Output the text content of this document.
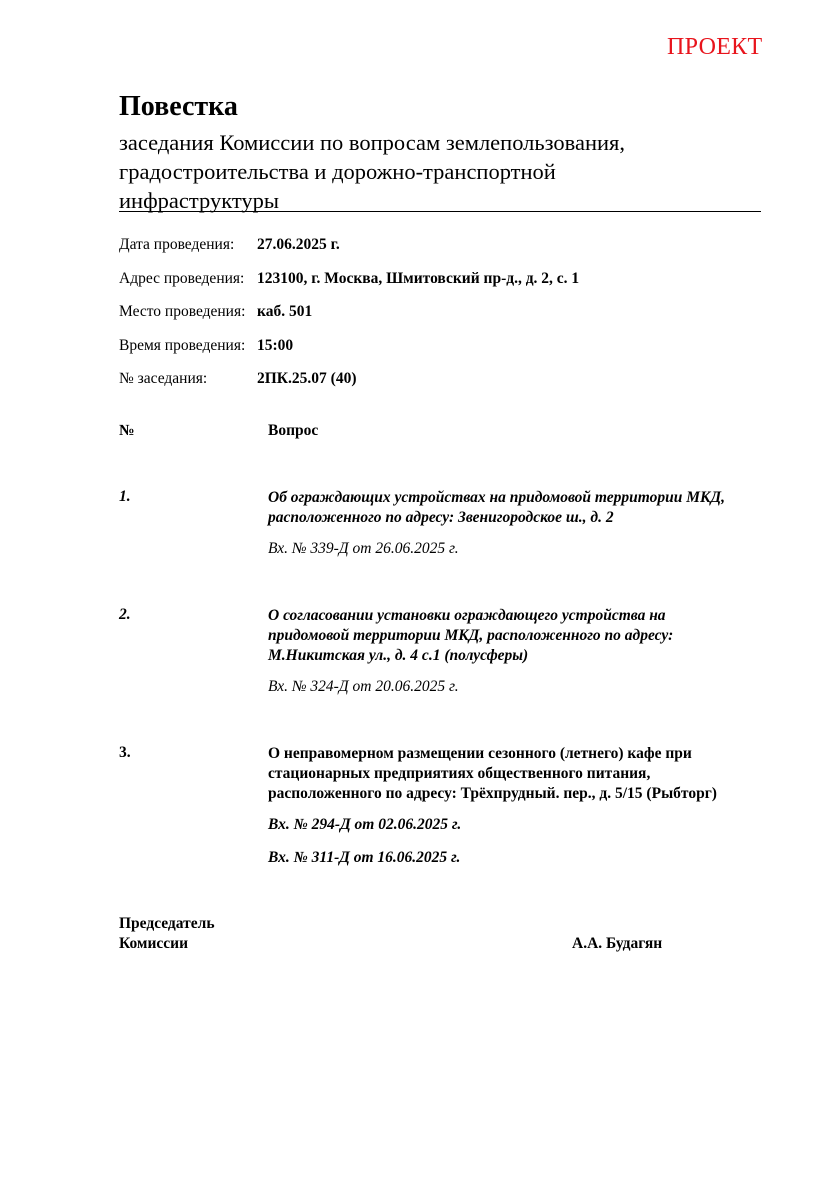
ПРОЕКТ
Повестка
заседания Комиссии по вопросам землепользования,
градостроительства и дорожно-транспортной
инфраструктуры
Дата проведения: 27.06.2025 г.
Адрес проведения: 123100, г. Москва, Шмитовский пр-д., д. 2, с. 1
Место проведения: каб. 501
Время проведения: 15:00
№ заседания:	2ПК.25.07 (40)
№	Вопрос
1.	Об ограждающих устройствах на придомовой территории МКД,
расположенного по адресу: Звенигородское ш., д. 2
Вх. № 339-Д от 26.06.2025 г.
2.	О согласовании установки ограждающего устройства на
придомовой территории МКД, расположенного по адресу:
М.Никитская ул., д. 4 с.1 (полусферы)
Вх. № 324-Д от 20.06.2025 г.
3.	О неправомерном размещении сезонного (летнего) кафе при
стационарных предприятиях общественного питания,
расположенного по адресу: Трёхпрудный. пер., д. 5/15 (Рыбторг)
Вх. № 294-Д от 02.06.2025 г.
Вх. № 311-Д от 16.06.2025 г.
Председатель
Комиссии	А.А. Будагян
